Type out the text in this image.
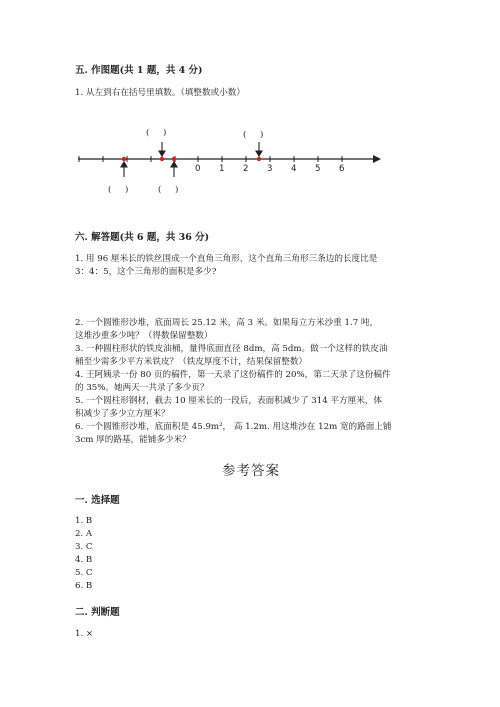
五. 作图题(共 1 题，共 4 分)
1. 从左到右在括号里填数。（填整数或小数）
0 1 2 3 4 5 6
(     )	(     )
(     )	(     )
六. 解答题(共 6 题，共 36 分)
1. 用 96 厘米长的铁丝围成一个直角三角形，这个直角三角形三条边的长度比是
3：4：5，这个三角形的面积是多少?
2. 一个圆锥形沙堆，底面周长 25.12 米，高 3 米。如果每立方米沙重 1.7 吨，
这堆沙重多少吨？（得数保留整数）
3. 一种圆柱形状的铁皮油桶，量得底面直径 8dm，高 5dm。做一个这样的铁皮油
桶至少需多少平方米铁皮？（铁皮厚度不计，结果保留整数）
4. 王阿姨录一份 80 页的稿件，第一天录了这份稿件的 20%，第二天录了这份稿件
的 35%。她两天一共录了多少页？
5. 一个圆柱形钢材，截去 10 厘米长的一段后，表面积减少了 314 平方厘米，体
积减少了多少立方厘米？
6. 一个圆锥形沙堆，底面积是 45.9m²， 高 1.2m. 用这堆沙在 12m 宽的路面上铺
3cm 厚的路基，能铺多少米？
参考答案
一. 选择题
1. B
2. A
3. C
4. B
5. C
6. B
二. 判断题
1. ×
